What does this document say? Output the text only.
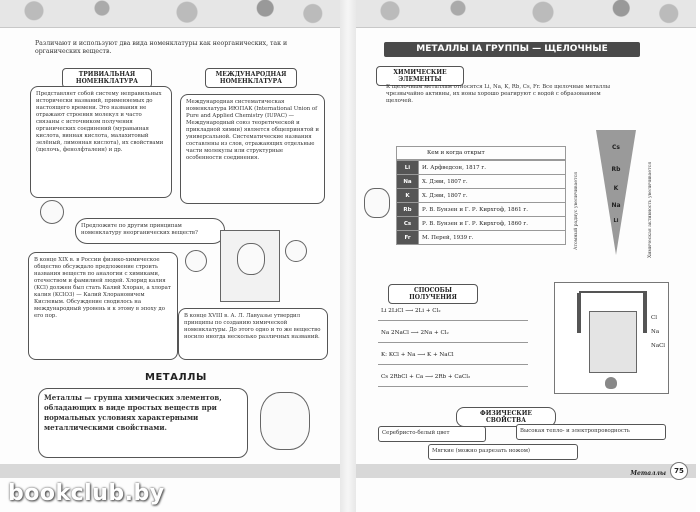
Различают и используют два вида номенклатуры как неорганических, так и органических веществ.
ТРИВИАЛЬНАЯ НОМЕНКЛАТУРА
Представляет собой систему неправильных исторически названий, применяемых до настоящего времени. Это названия не отражают строения молекул и часто связаны с источником получения органических соединений (муравьиная кислота, винная кислота, малахитовый зелёный, лимонная кислота), их свойствами (щелочь, фенолфталеин) и др.
МЕЖДУНАРОДНАЯ НОМЕНКЛАТУРА
Международная систематическая номенклатура ИЮПАК (International Union of Pure and Applied Chemistry (IUPAC) — Международный союз теоретической и прикладной химии) является общепринятой и универсальной. Систематические названия составлены из слов, отражающих отдельные части молекулы или структурные особенности соединения.
Предложите по другим принципам номенклатуру неорганических веществ?
В конце XIX в. в России физико-химическое общество обсуждало предложение строить названия веществ по аналогии с химиками, отечеством и фамилией людей. Хлорид калия (KCl) должен был стать Калий Хлоран, а хлорат калия (KClO3) — Калий Хлорановичем Кислевым. Обсуждение сводилось на международный уровень и к этому в эпоху до его пор.	В конце XVIII в. А. Л. Лавуазье утвердил принципы по созданию химической номенклатуры. До этого одно и то же вещество носило иногда несколько различных названий.
МЕТАЛЛЫ
Металлы — группа химических элементов, обладающих в виде простых веществ при нормальных условиях характерными металлическими свойствами.
МЕТАЛЛЫ IA ГРУППЫ — ЩЕЛОЧНЫЕ
ХИМИЧЕСКИЕ ЭЛЕМЕНТЫ
К щелочным металлам относятся Li, Na, K, Rb, Cs, Fr. Все щелочные металлы чрезвычайно активны, их ионы хорошо реагируют с водой с образованием щелочей.
Кем и когда открыт
Li	И. Арфведсон, 1817 г.
Na	Х. Дэви, 1807 г.
K	Х. Дэви, 1807 г.
Rb	Р. В. Бунзен и Г. Р. Кирхгоф, 1861 г.
Cs	Р. В. Бунзен и Г. Р. Кирхгоф, 1860 г.
Fr	М. Перей, 1939 г.
Cs
Rb
K
Na
Li
Атомный радиус увеличивается	Химическая активность увеличивается
СПОСОБЫ ПОЛУЧЕНИЯ
Li 2LiCl ⟶ 2Li + Cl₂
Na 2NaCl ⟶ 2Na + Cl₂
K: KCl + Na ⟶ K + NaCl
Cs 2RbCl + Ca ⟶ 2Rb + CaCl₂
Cl
Na
NaCl
ФИЗИЧЕСКИЕ СВОЙСТВА
Серебристо-белый цвет	Высокая тепло- и электропроводность
Мягкие (можно разрезать ножом)
Металлы	75
bookclub.by
